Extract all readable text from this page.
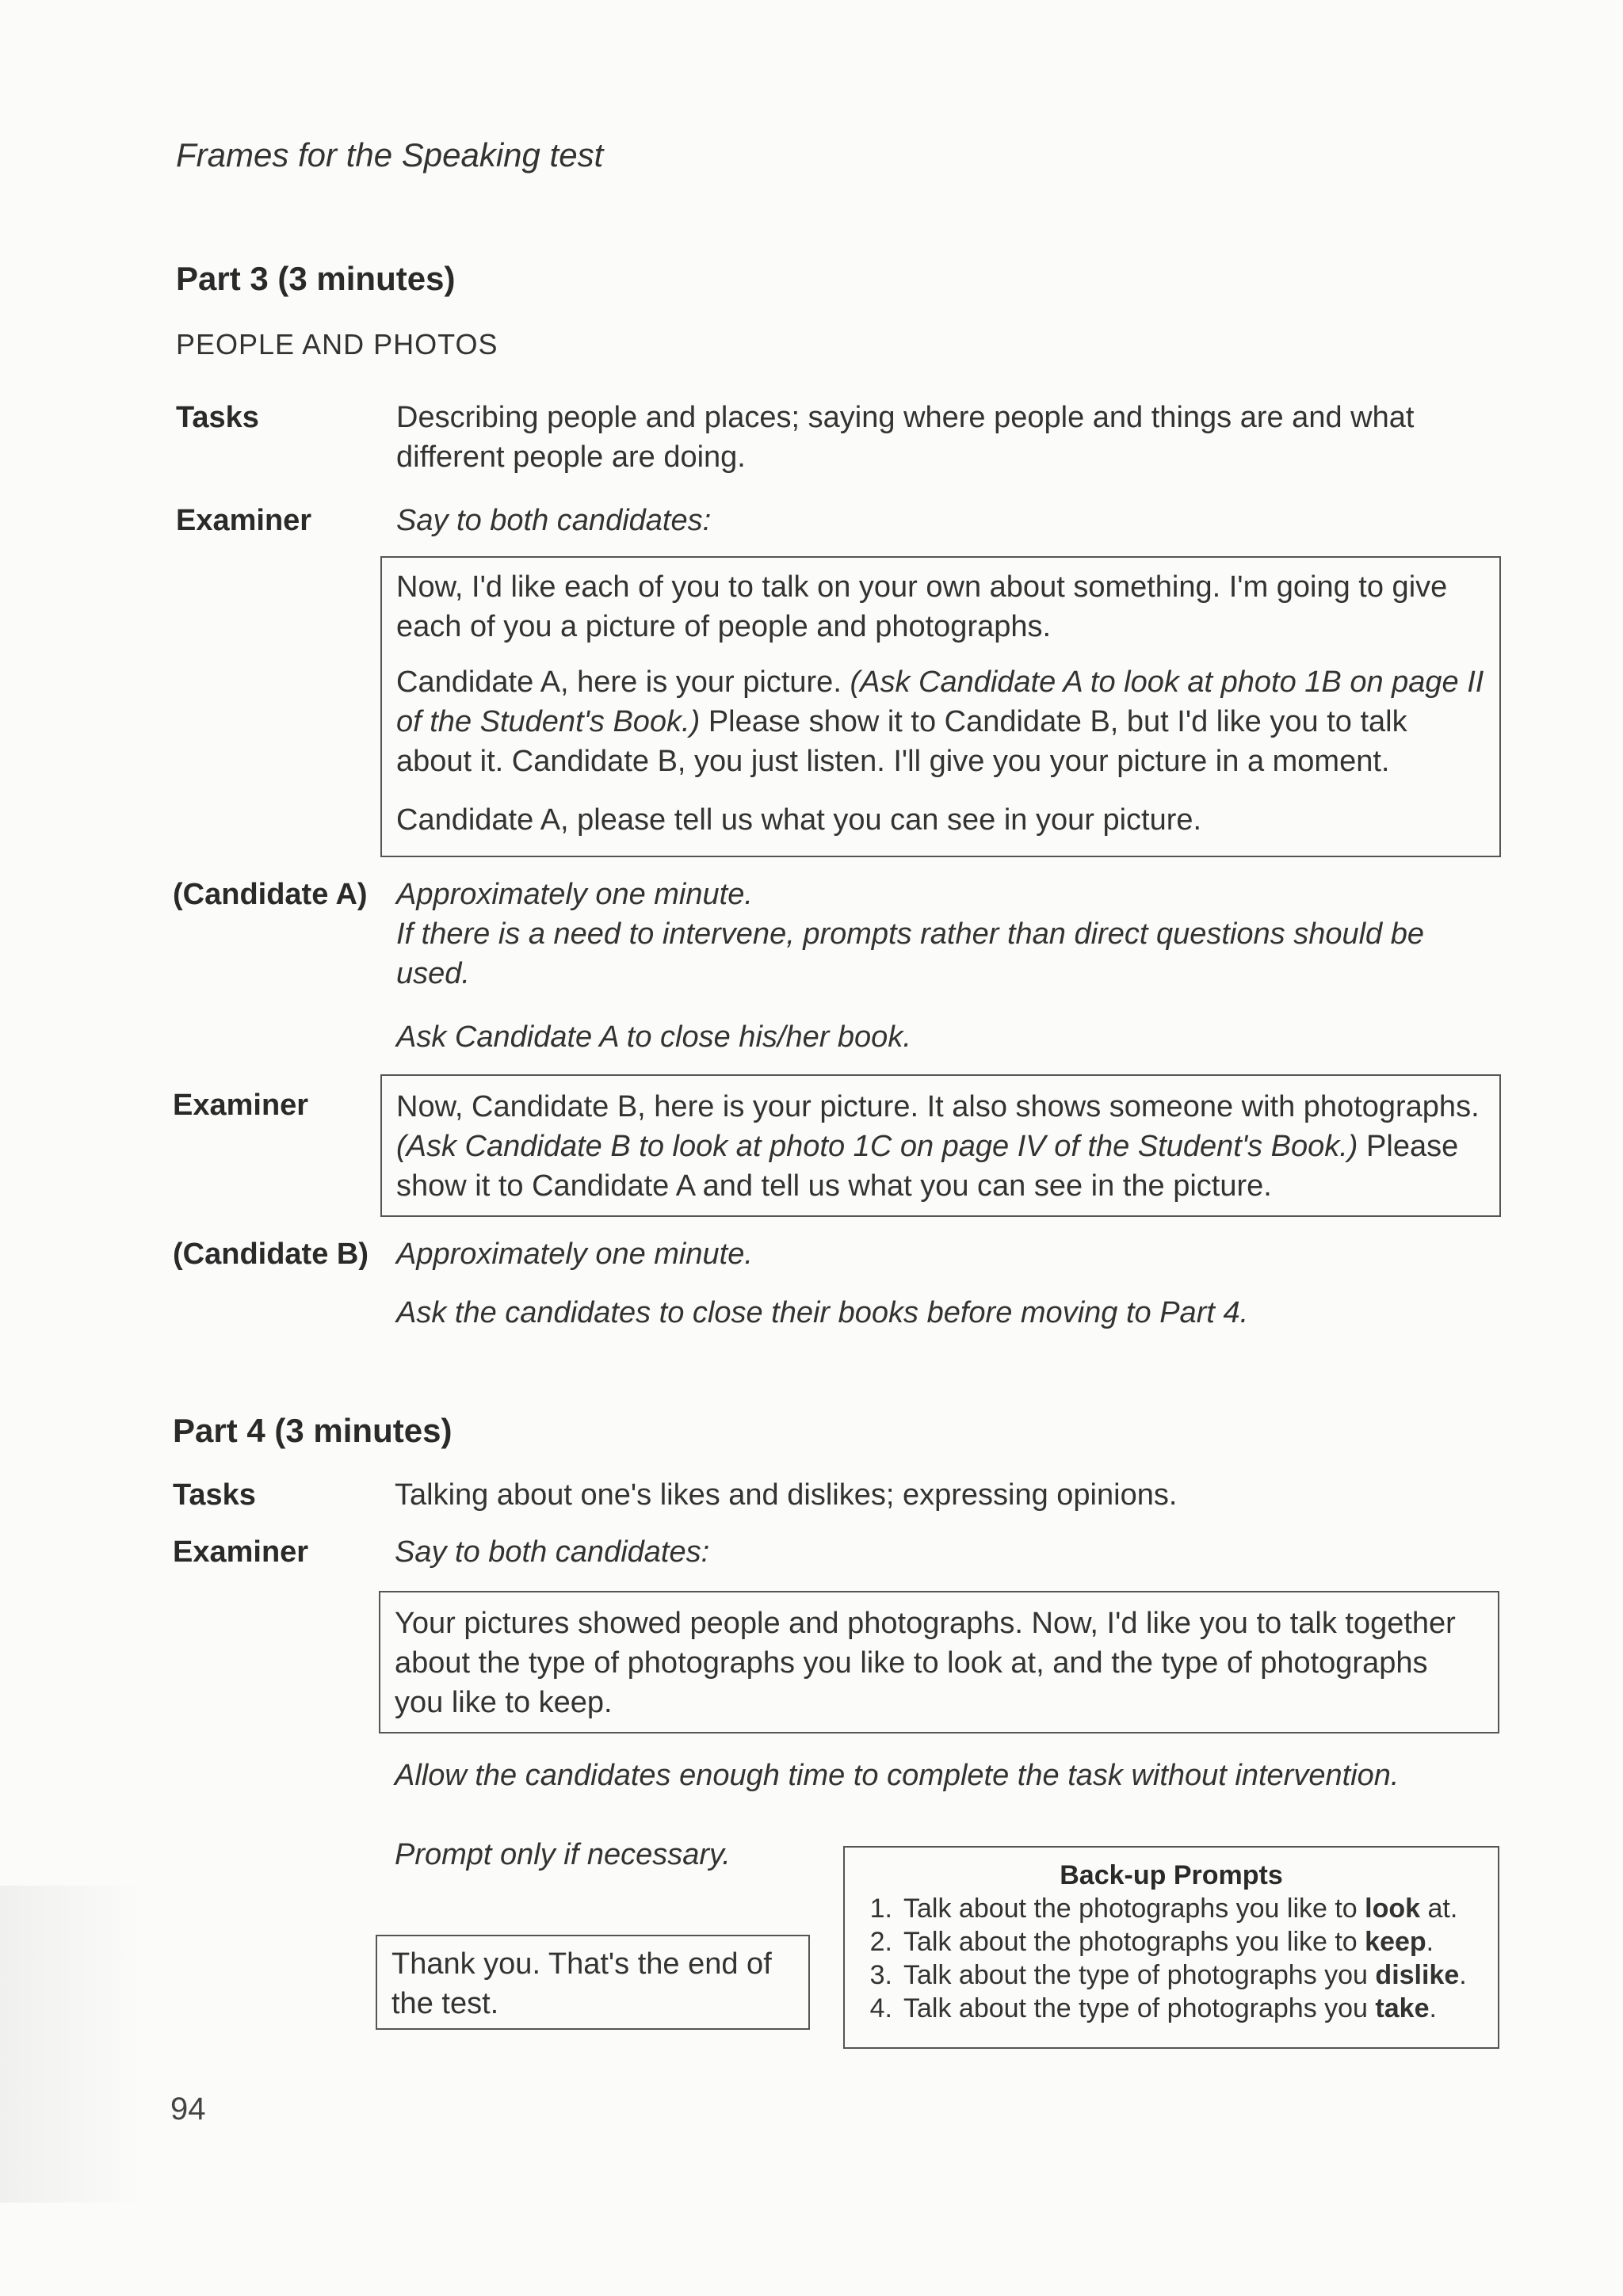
Frames for the Speaking test
Part 3 (3 minutes)
PEOPLE AND PHOTOS
Tasks	Describing people and places; saying where people and things are and what different people are doing.
Examiner	Say to both candidates:

Now, I'd like each of you to talk on your own about something. I'm going to give each of you a picture of people and photographs.

Candidate A, here is your picture. (Ask Candidate A to look at photo 1B on page II of the Student's Book.) Please show it to Candidate B, but I'd like you to talk about it. Candidate B, you just listen. I'll give you your picture in a moment.

Candidate A, please tell us what you can see in your picture.

(Candidate A) Approximately one minute.
If there is a need to intervene, prompts rather than direct questions should be used.
Ask Candidate A to close his/her book.
Examiner	Now, Candidate B, here is your picture. It also shows someone with photographs. (Ask Candidate B to look at photo 1C on page IV of the Student's Book.) Please show it to Candidate A and tell us what you can see in the picture.

(Candidate B) Approximately one minute.
Ask the candidates to close their books before moving to Part 4.
Part 4 (3 minutes)
Tasks	Talking about one's likes and dislikes; expressing opinions.
Examiner	Say to both candidates:

Your pictures showed people and photographs. Now, I'd like you to talk together about the type of photographs you like to look at, and the type of photographs you like to keep.

Allow the candidates enough time to complete the task without intervention.
Prompt only if necessary.

Thank you. That's the end of the test.

Back-up Prompts
1. Talk about the photographs you like to look at.
2. Talk about the photographs you like to keep.
3. Talk about the type of photographs you dislike.
4. Talk about the type of photographs you take.
94
